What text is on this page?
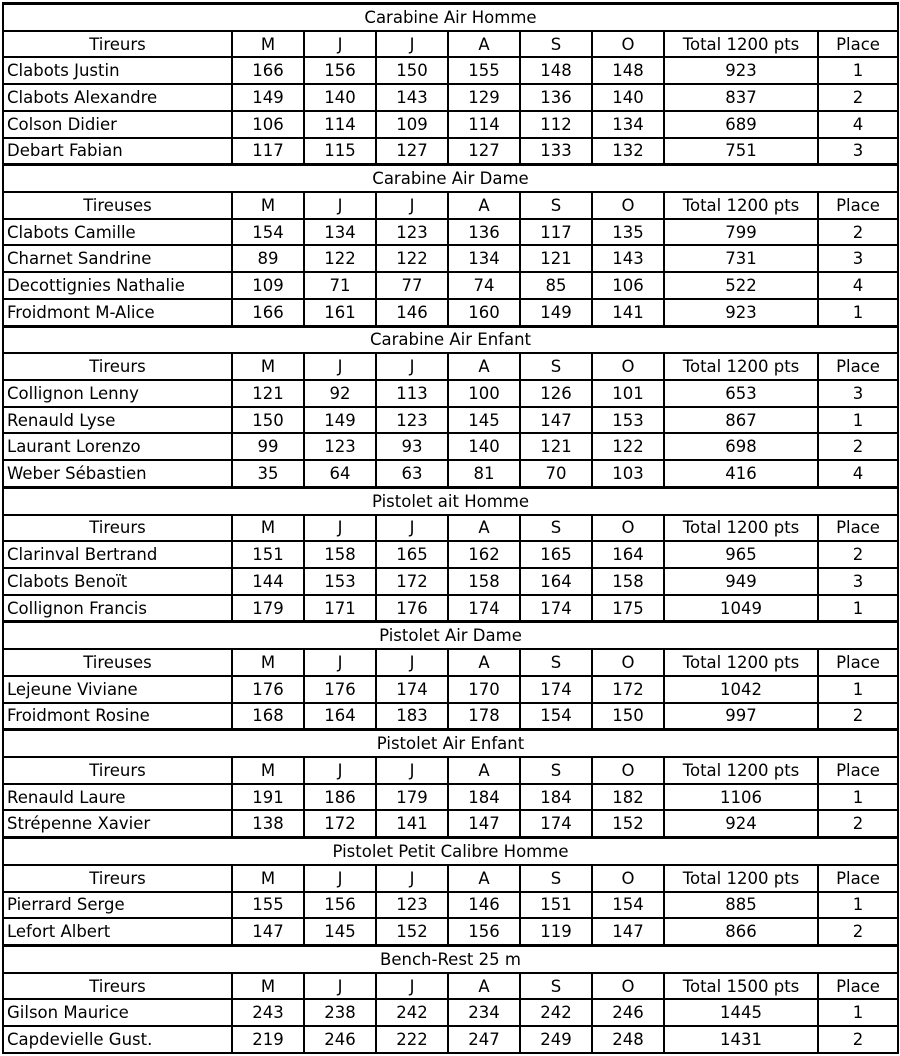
Carabine Air Homme								
Tireurs	M	J	J	A	S	O	Total 1200 pts	Place
Clabots Justin	166	156	150	155	148	148	923	1
Clabots Alexandre	149	140	143	129	136	140	837	2
Colson Didier	106	114	109	114	112	134	689	4
Debart Fabian	117	115	127	127	133	132	751	3
Carabine Air Dame								
Tireuses	M	J	J	A	S	O	Total 1200 pts	Place
Clabots Camille	154	134	123	136	117	135	799	2
Charnet Sandrine	89	122	122	134	121	143	731	3
Decottignies Nathalie	109	71	77	74	85	106	522	4
Froidmont M-Alice	166	161	146	160	149	141	923	1
Carabine Air Enfant								
Tireurs	M	J	J	A	S	O	Total 1200 pts	Place
Collignon Lenny	121	92	113	100	126	101	653	3
Renauld Lyse	150	149	123	145	147	153	867	1
Laurant Lorenzo	99	123	93	140	121	122	698	2
Weber Sébastien	35	64	63	81	70	103	416	4
Pistolet ait Homme								
Tireurs	M	J	J	A	S	O	Total 1200 pts	Place
Clarinval Bertrand	151	158	165	162	165	164	965	2
Clabots Benoït	144	153	172	158	164	158	949	3
Collignon Francis	179	171	176	174	174	175	1049	1
Pistolet Air Dame								
Tireuses	M	J	J	A	S	O	Total 1200 pts	Place
Lejeune Viviane	176	176	174	170	174	172	1042	1
Froidmont Rosine	168	164	183	178	154	150	997	2
Pistolet Air Enfant								
Tireurs	M	J	J	A	S	O	Total 1200 pts	Place
Renauld Laure	191	186	179	184	184	182	1106	1
Strépenne Xavier	138	172	141	147	174	152	924	2
Pistolet Petit Calibre Homme								
Tireurs	M	J	J	A	S	O	Total 1200 pts	Place
Pierrard Serge	155	156	123	146	151	154	885	1
Lefort Albert	147	145	152	156	119	147	866	2
Bench-Rest 25 m								
Tireurs	M	J	J	A	S	O	Total 1500 pts	Place
Gilson Maurice	243	238	242	234	242	246	1445	1
Capdevielle Gust.	219	246	222	247	249	248	1431	2
